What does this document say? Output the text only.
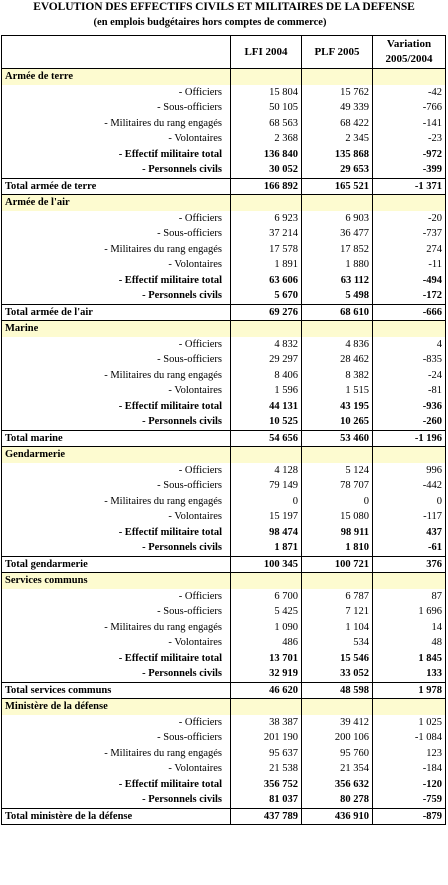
EVOLUTION DES EFFECTIFS CIVILS ET MILITAIRES DE LA DEFENSE
(en emplois budgétaires hors comptes de commerce)
	LFI 2004	PLF 2005	Variation
2005/2004
Armée de terre			
- Officiers	15 804	15 762	-42
- Sous-officiers	50 105	49 339	-766
- Militaires du rang engagés	68 563	68 422	-141
- Volontaires	2 368	2 345	-23
- Effectif militaire total	136 840	135 868	-972
- Personnels civils	30 052	29 653	-399
Total armée de terre	166 892	165 521	-1 371
Armée de l'air			
- Officiers	6 923	6 903	-20
- Sous-officiers	37 214	36 477	-737
- Militaires du rang engagés	17 578	17 852	274
- Volontaires	1 891	1 880	-11
- Effectif militaire total	63 606	63 112	-494
- Personnels civils	5 670	5 498	-172
Total armée de l'air	69 276	68 610	-666
Marine			
- Officiers	4 832	4 836	4
- Sous-officiers	29 297	28 462	-835
- Militaires du rang engagés	8 406	8 382	-24
- Volontaires	1 596	1 515	-81
- Effectif militaire total	44 131	43 195	-936
- Personnels civils	10 525	10 265	-260
Total marine	54 656	53 460	-1 196
Gendarmerie			
- Officiers	4 128	5 124	996
- Sous-officiers	79 149	78 707	-442
- Militaires du rang engagés	0	0	0
- Volontaires	15 197	15 080	-117
- Effectif militaire total	98 474	98 911	437
- Personnels civils	1 871	1 810	-61
Total gendarmerie	100 345	100 721	376
Services communs			
- Officiers	6 700	6 787	87
- Sous-officiers	5 425	7 121	1 696
- Militaires du rang engagés	1 090	1 104	14
- Volontaires	486	534	48
- Effectif militaire total	13 701	15 546	1 845
- Personnels civils	32 919	33 052	133
Total services communs	46 620	48 598	1 978
Ministère de la défense			
- Officiers	38 387	39 412	1 025
- Sous-officiers	201 190	200 106	-1 084
- Militaires du rang engagés	95 637	95 760	123
- Volontaires	21 538	21 354	-184
- Effectif militaire total	356 752	356 632	-120
- Personnels civils	81 037	80 278	-759
Total ministère de la défense	437 789	436 910	-879
